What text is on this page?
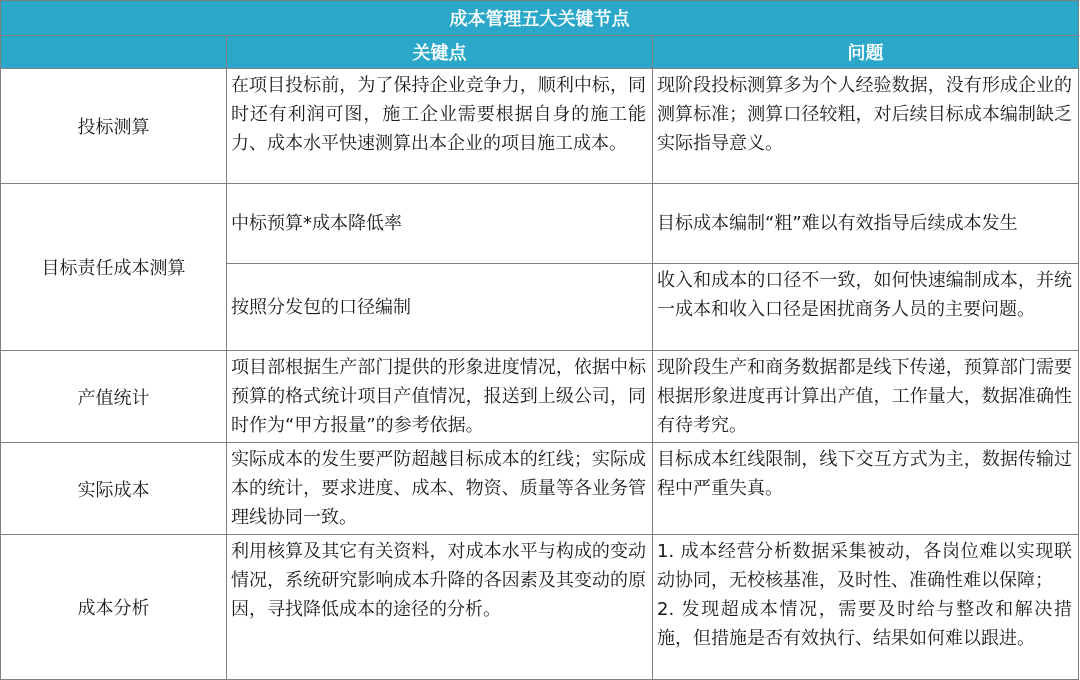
成本管理五大关键节点		
	关键点	问题
投标测算	在项目投标前，为了保持企业竞争力，顺利中标，同时还有利润可图，施工企业需要根据自身的施工能力、成本水平快速测算出本企业的项目施工成本。	现阶段投标测算多为个人经验数据，没有形成企业的测算标准；测算口径较粗，对后续目标成本编制缺乏实际指导意义。
目标责任成本测算	中标预算*成本降低率	目标成本编制“粗”难以有效指导后续成本发生
	按照分发包的口径编制	收入和成本的口径不一致，如何快速编制成本，并统一成本和收入口径是困扰商务人员的主要问题。
产值统计	项目部根据生产部门提供的形象进度情况，依据中标预算的格式统计项目产值情况，报送到上级公司，同时作为“甲方报量”的参考依据。	现阶段生产和商务数据都是线下传递，预算部门需要根据形象进度再计算出产值，工作量大，数据准确性有待考究。
实际成本	实际成本的发生要严防超越目标成本的红线；实际成本的统计，要求进度、成本、物资、质量等各业务管理线协同一致。	目标成本红线限制，线下交互方式为主，数据传输过程中严重失真。
成本分析	利用核算及其它有关资料，对成本水平与构成的变动情况，系统研究影响成本升降的各因素及其变动的原因，寻找降低成本的途径的分析。	1. 成本经营分析数据采集被动，各岗位难以实现联动协同，无校核基准，及时性、准确性难以保障；
2. 发现超成本情况，需要及时给与整改和解决措施，但措施是否有效执行、结果如何难以跟进。
